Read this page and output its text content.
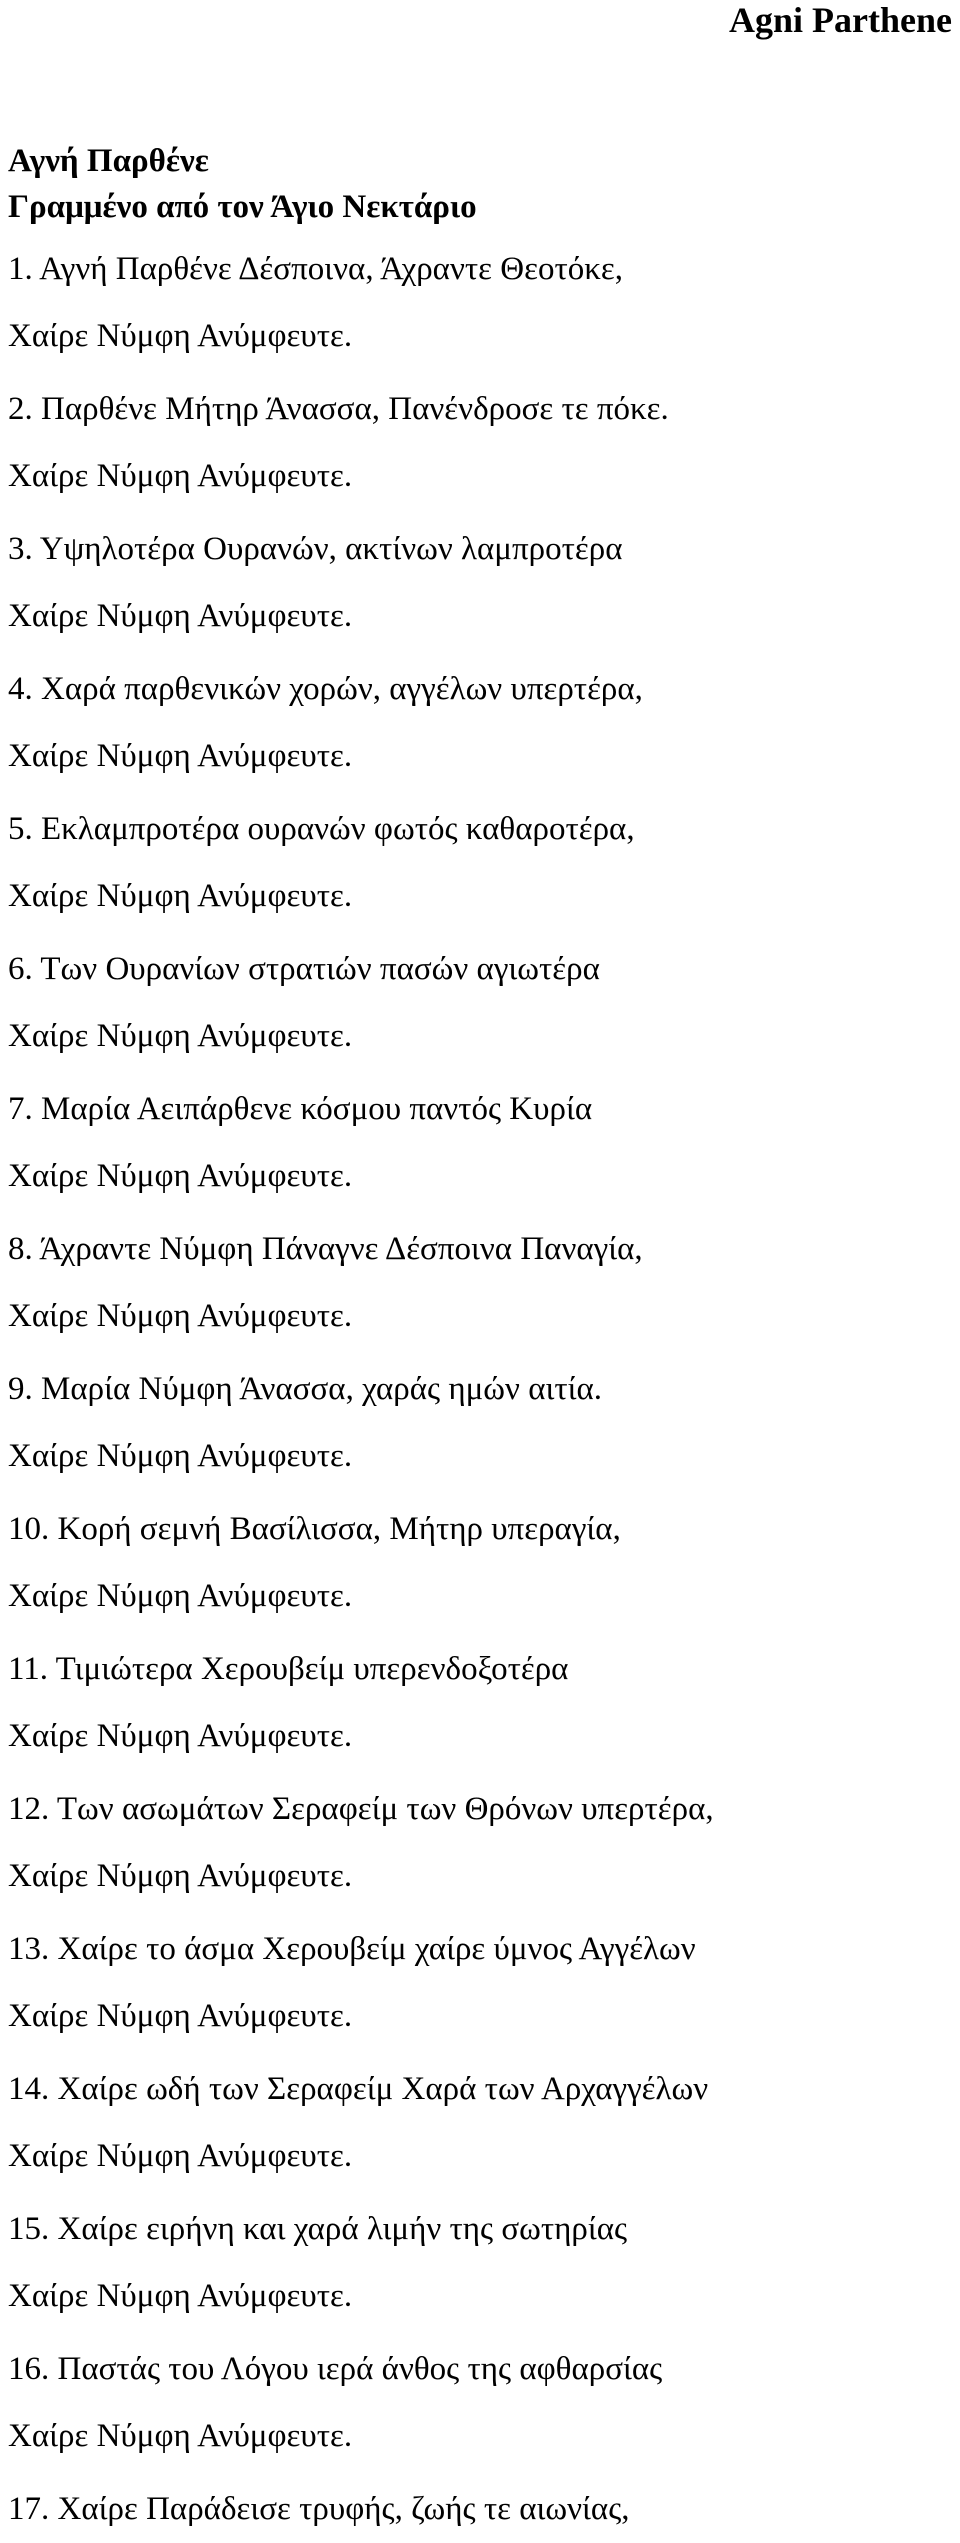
Agni Parthene
Αγνή Παρθένε
Γραμμένο από τον Άγιο Νεκτάριο
1. Αγνή Παρθένε Δέσποινα, Άχραντε Θεοτόκε,
Χαίρε Νύμφη Ανύμφευτε.
2. Παρθένε Μήτηρ Άνασσα, Πανένδροσε τε πόκε.
Χαίρε Νύμφη Ανύμφευτε.
3. Υψηλοτέρα Ουρανών, ακτίνων λαμπροτέρα
Χαίρε Νύμφη Ανύμφευτε.
4. Χαρά παρθενικών χορών, αγγέλων υπερτέρα,
Χαίρε Νύμφη Ανύμφευτε.
5. Εκλαμπροτέρα ουρανών φωτός καθαροτέρα,
Χαίρε Νύμφη Ανύμφευτε.
6. Των Ουρανίων στρατιών πασών αγιωτέρα
Χαίρε Νύμφη Ανύμφευτε.
7. Μαρία Αειπάρθενε κόσμου παντός Κυρία
Χαίρε Νύμφη Ανύμφευτε.
8. Άχραντε Νύμφη Πάναγνε Δέσποινα Παναγία,
Χαίρε Νύμφη Ανύμφευτε.
9. Μαρία Νύμφη Άνασσα, χαράς ημών αιτία.
Χαίρε Νύμφη Ανύμφευτε.
10. Κορή σεμνή Βασίλισσα, Μήτηρ υπεραγία,
Χαίρε Νύμφη Ανύμφευτε.
11. Τιμιώτερα Χερουβείμ υπερενδοξοτέρα
Χαίρε Νύμφη Ανύμφευτε.
12. Των ασωμάτων Σεραφείμ των Θρόνων υπερτέρα,
Χαίρε Νύμφη Ανύμφευτε.
13. Χαίρε το άσμα Χερουβείμ χαίρε ύμνος Αγγέλων
Χαίρε Νύμφη Ανύμφευτε.
14. Χαίρε ωδή των Σεραφείμ Χαρά των Αρχαγγέλων
Χαίρε Νύμφη Ανύμφευτε.
15. Χαίρε ειρήνη και χαρά λιμήν της σωτηρίας
Χαίρε Νύμφη Ανύμφευτε.
16. Παστάς του Λόγου ιερά άνθος της αφθαρσίας
Χαίρε Νύμφη Ανύμφευτε.
17. Χαίρε Παράδεισε τρυφής, ζωής τε αιωνίας,
